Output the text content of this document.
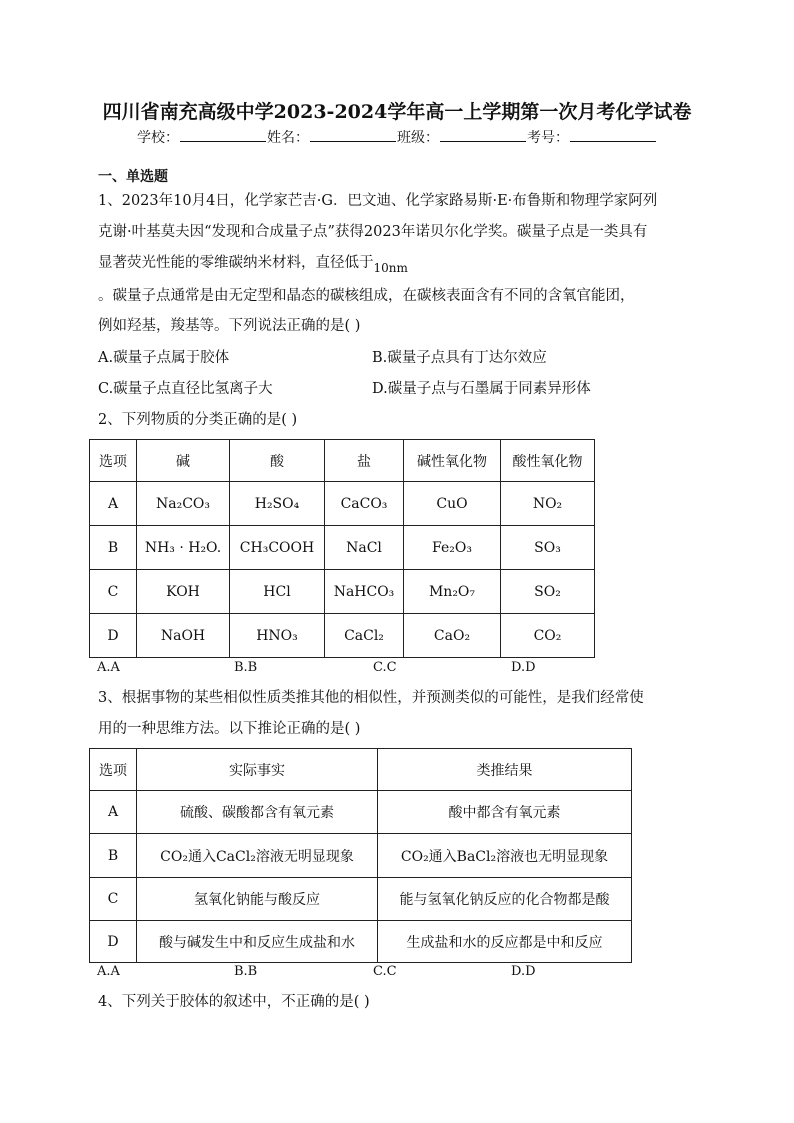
四川省南充高级中学2023-2024学年高一上学期第一次月考化学试卷
学校：	姓名：	班级：	考号：
一、单选题
1、2023年10月4日，化学家芒吉·G．巴文迪、化学家路易斯·E·布鲁斯和物理学家阿列
克谢·叶基莫夫因“发现和合成量子点”获得2023年诺贝尔化学奖。碳量子点是一类具有
显著荧光性能的零维碳纳米材料，直径低于$_{10nm}$
。碳量子点通常是由无定型和晶态的碳核组成，在碳核表面含有不同的含氧官能团，
例如羟基，羧基等。下列说法正确的是( )
A.碳量子点属于胶体	B.碳量子点具有丁达尔效应
C.碳量子点直径比氢离子大	D.碳量子点与石墨属于同素异形体
2、下列物质的分类正确的是( )
选项	碱	酸	盐	碱性氧化物	酸性氧化物
A	Na₂CO₃	H₂SO₄	CaCO₃	CuO	NO₂
B	NH₃ · H₂O.	CH₃COOH	NaCl	Fe₂O₃	SO₃
C	KOH	HCl	NaHCO₃	Mn₂O₇	SO₂
D	NaOH	HNO₃	CaCl₂	CaO₂	CO₂
A.A	B.B	C.C	D.D
3、根据事物的某些相似性质类推其他的相似性，并预测类似的可能性，是我们经常使
用的一种思维方法。以下推论正确的是( )
选项	实际事实	类推结果
A	硫酸、碳酸都含有氧元素	酸中都含有氧元素
B	CO₂通入CaCl₂溶液无明显现象	CO₂通入BaCl₂溶液也无明显现象
C	氢氧化钠能与酸反应	能与氢氧化钠反应的化合物都是酸
D	酸与碱发生中和反应生成盐和水	生成盐和水的反应都是中和反应
A.A	B.B	C.C	D.D
4、下列关于胶体的叙述中，不正确的是( )
